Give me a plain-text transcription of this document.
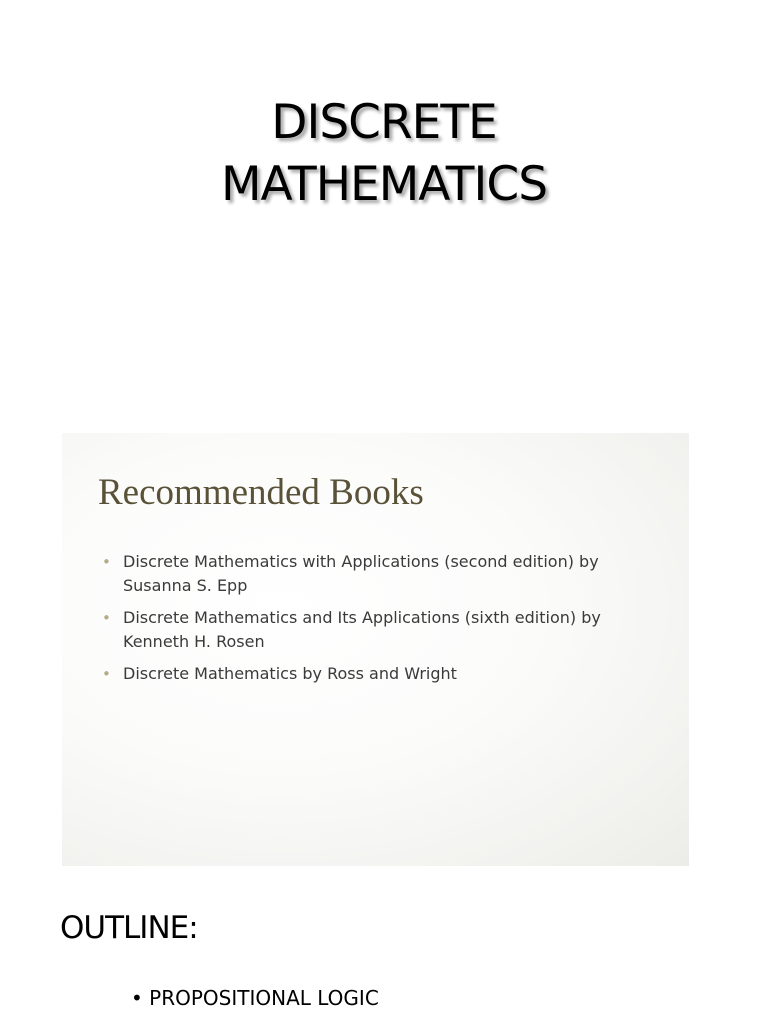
DISCRETE
MATHEMATICS
Recommended Books
• Discrete Mathematics with Applications (second edition) by Susanna S. Epp
• Discrete Mathematics and Its Applications (sixth edition) by Kenneth H. Rosen
• Discrete Mathematics by Ross and Wright
OUTLINE:
• PROPOSITIONAL LOGIC
